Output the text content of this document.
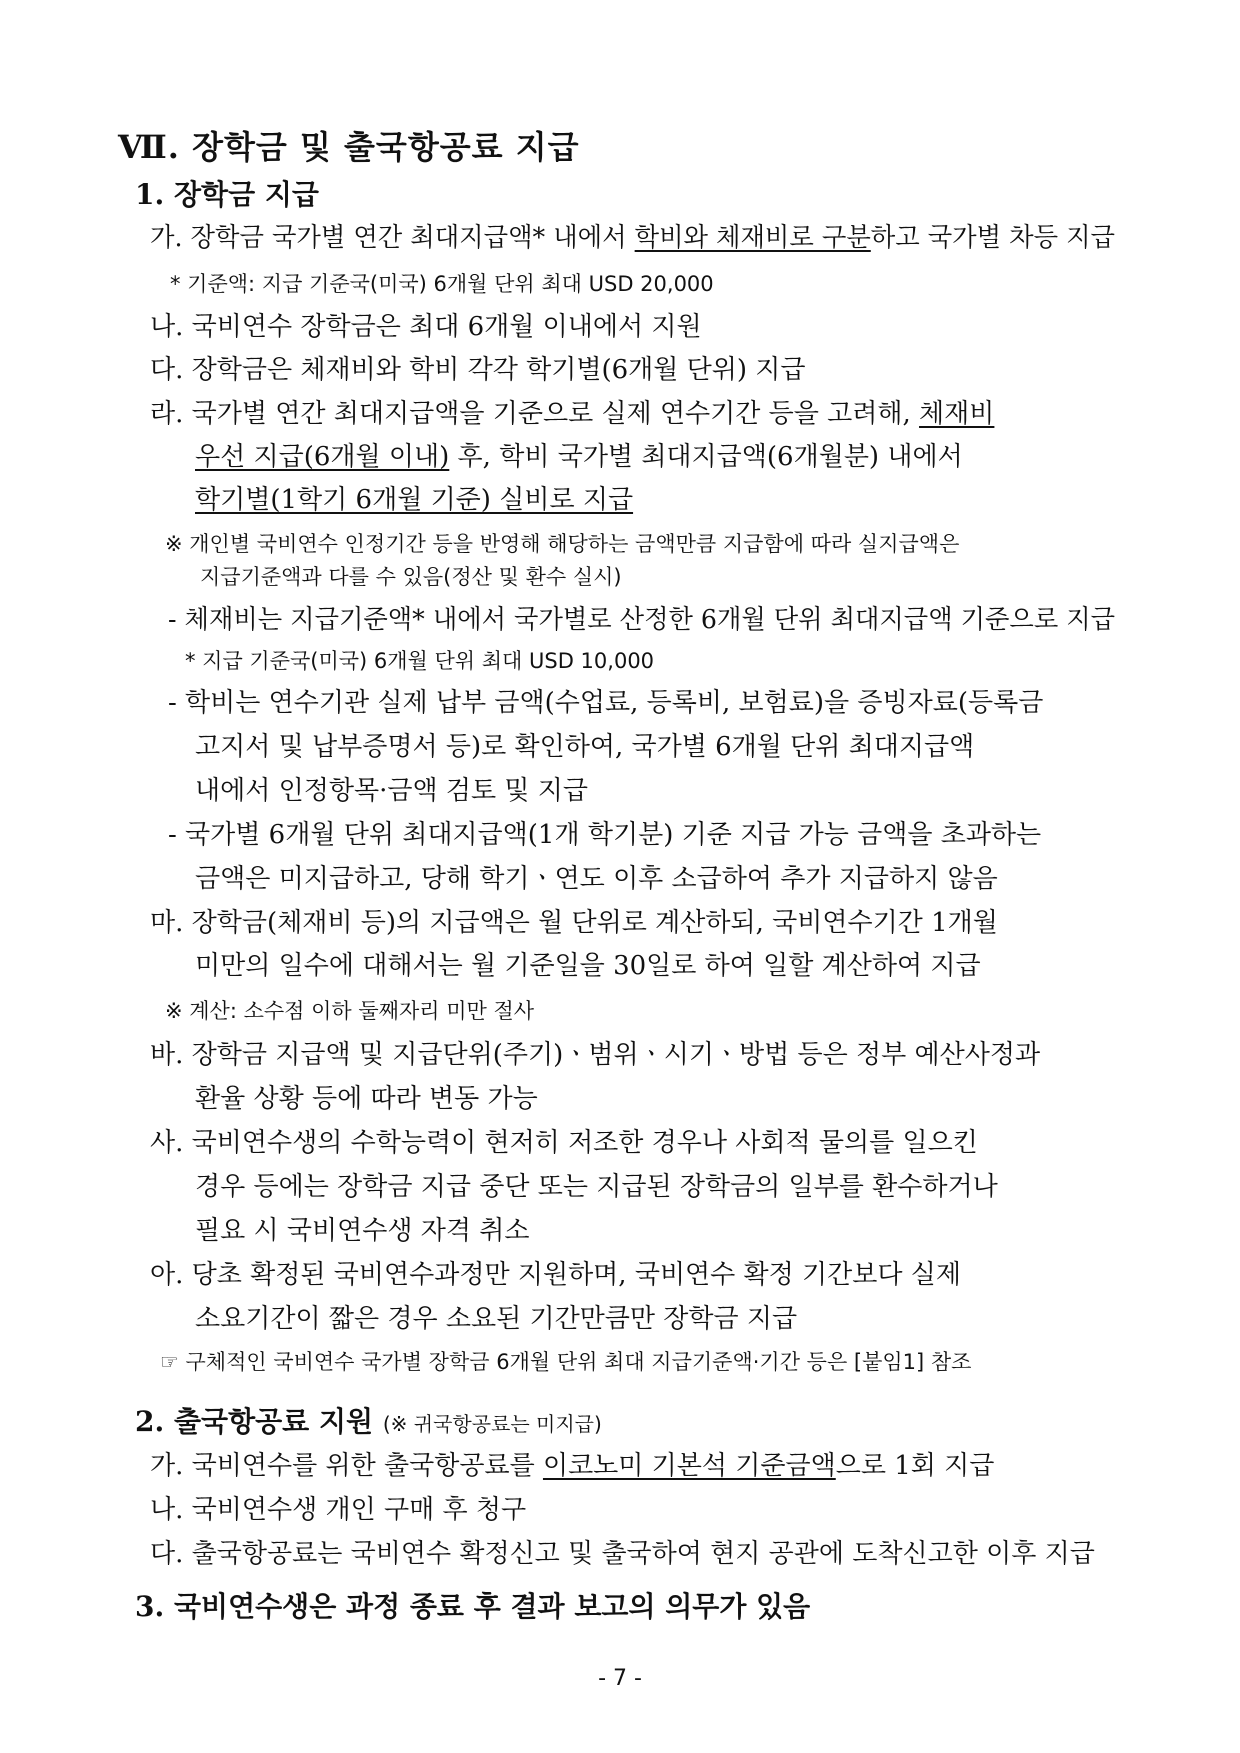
Ⅶ. 장학금 및 출국항공료 지급
1. 장학금 지급
가. 장학금 국가별 연간 최대지급액* 내에서 학비와 체재비로 구분하고 국가별 차등 지급
* 기준액: 지급 기준국(미국) 6개월 단위 최대 USD 20,000
나. 국비연수 장학금은 최대 6개월 이내에서 지원
다. 장학금은 체재비와 학비 각각 학기별(6개월 단위) 지급
라. 국가별 연간 최대지급액을 기준으로 실제 연수기간 등을 고려해, 체재비
우선 지급(6개월 이내) 후, 학비 국가별 최대지급액(6개월분) 내에서
학기별(1학기 6개월 기준) 실비로 지급
※ 개인별 국비연수 인정기간 등을 반영해 해당하는 금액만큼 지급함에 따라 실지급액은
지급기준액과 다를 수 있음(정산 및 환수 실시)
- 체재비는 지급기준액* 내에서 국가별로 산정한 6개월 단위 최대지급액 기준으로 지급
* 지급 기준국(미국) 6개월 단위 최대 USD 10,000
- 학비는 연수기관 실제 납부 금액(수업료, 등록비, 보험료)을 증빙자료(등록금
고지서 및 납부증명서 등)로 확인하여, 국가별 6개월 단위 최대지급액
내에서 인정항목·금액 검토 및 지급
- 국가별 6개월 단위 최대지급액(1개 학기분) 기준 지급 가능 금액을 초과하는
금액은 미지급하고, 당해 학기ㆍ연도 이후 소급하여 추가 지급하지 않음
마. 장학금(체재비 등)의 지급액은 월 단위로 계산하되, 국비연수기간 1개월
미만의 일수에 대해서는 월 기준일을 30일로 하여 일할 계산하여 지급
※ 계산: 소수점 이하 둘째자리 미만 절사
바. 장학금 지급액 및 지급단위(주기)ㆍ범위ㆍ시기ㆍ방법 등은 정부 예산사정과
환율 상황 등에 따라 변동 가능
사. 국비연수생의 수학능력이 현저히 저조한 경우나 사회적 물의를 일으킨
경우 등에는 장학금 지급 중단 또는 지급된 장학금의 일부를 환수하거나
필요 시 국비연수생 자격 취소
아. 당초 확정된 국비연수과정만 지원하며, 국비연수 확정 기간보다 실제
소요기간이 짧은 경우 소요된 기간만큼만 장학금 지급
☞ 구체적인 국비연수 국가별 장학금 6개월 단위 최대 지급기준액·기간 등은 [붙임1] 참조
2. 출국항공료 지원 (※ 귀국항공료는 미지급)
가. 국비연수를 위한 출국항공료를 이코노미 기본석 기준금액으로 1회 지급
나. 국비연수생 개인 구매 후 청구
다. 출국항공료는 국비연수 확정신고 및 출국하여 현지 공관에 도착신고한 이후 지급
3. 국비연수생은 과정 종료 후 결과 보고의 의무가 있음
- 7 -
